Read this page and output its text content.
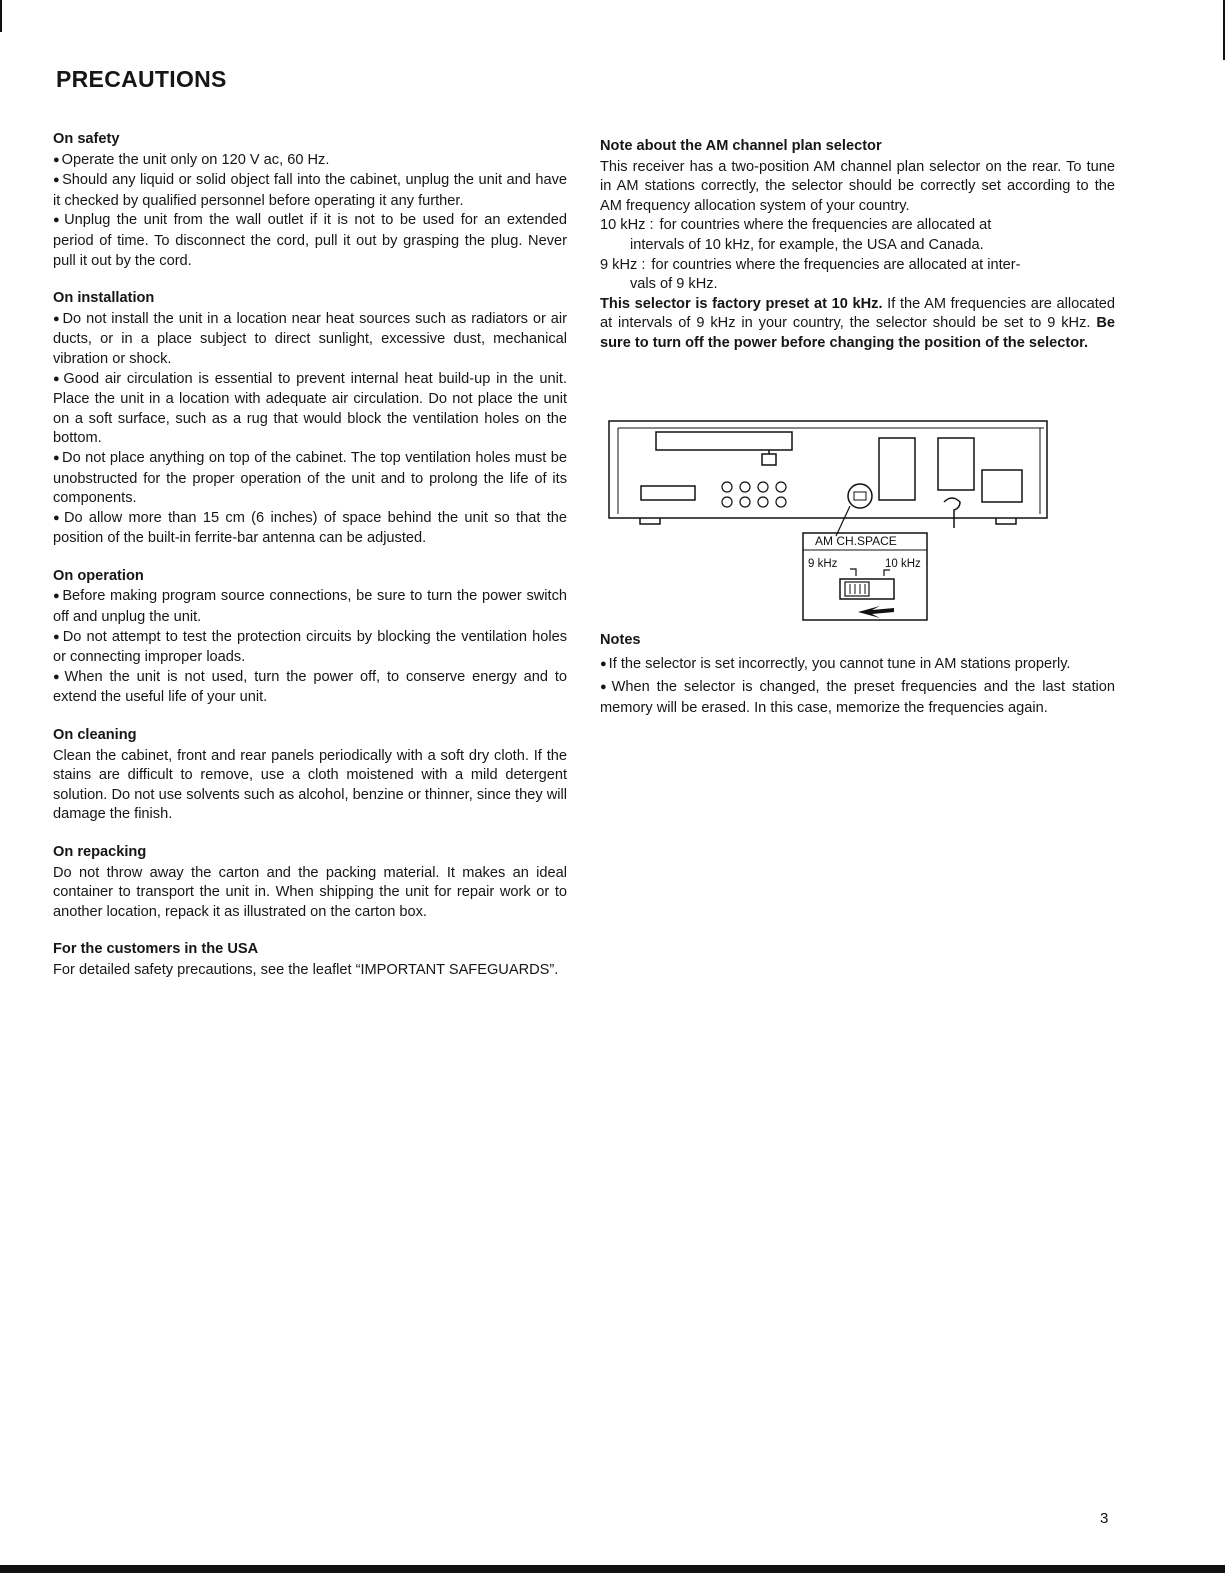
PRECAUTIONS
On safety

● Operate the unit only on 120 V ac, 60 Hz.

● Should any liquid or solid object fall into the cabinet, unplug the unit and have it checked by qualified personnel before operating it any further.

● Unplug the unit from the wall outlet if it is not to be used for an extended period of time. To disconnect the cord, pull it out by grasping the plug. Never pull it out by the cord.

On installation

● Do not install the unit in a location near heat sources such as radiators or air ducts, or in a place subject to direct sunlight, excessive dust, mechanical vibration or shock.

● Good air circulation is essential to prevent internal heat build-up in the unit. Place the unit in a location with adequate air circulation. Do not place the unit on a soft surface, such as a rug that would block the ventilation holes on the bottom.

● Do not place anything on top of the cabinet. The top ventilation holes must be unobstructed for the proper operation of the unit and to prolong the life of its components.

● Do allow more than 15 cm (6 inches) of space behind the unit so that the position of the built-in ferrite-bar antenna can be adjusted.

On operation

● Before making program source connections, be sure to turn the power switch off and unplug the unit.

● Do not attempt to test the protection circuits by blocking the ventilation holes or connecting improper loads.

● When the unit is not used, turn the power off, to conserve energy and to extend the useful life of your unit.

On cleaning

Clean the cabinet, front and rear panels periodically with a soft dry cloth. If the stains are difficult to remove, use a cloth moistened with a mild detergent solution. Do not use solvents such as alcohol, benzine or thinner, since they will damage the finish.

On repacking

Do not throw away the carton and the packing material. It makes an ideal container to transport the unit in. When shipping the unit for repair work or to another location, repack it as illustrated on the carton box.

For the customers in the USA

For detailed safety precautions, see the leaflet “IMPORTANT SAFEGUARDS”.

Note about the AM channel plan selector

This receiver has a two-position AM channel plan selector on the rear. To tune in AM stations correctly, the selector should be correctly set according to the AM frequency allocation system of your country.

10 kHz : for countries where the frequencies are allocated at

intervals of 10 kHz, for example, the USA and Canada.

9 kHz : for countries where the frequencies are allocated at inter-

vals of 9 kHz.

This selector is factory preset at 10 kHz. If the AM frequencies are allocated at intervals of 9 kHz in your country, the selector should be set to 9 kHz. Be sure to turn off the power before changing the position of the selector.

AM CH.SPACE
9 kHz	10 kHz
Notes

● If the selector is set incorrectly, you cannot tune in AM stations properly.

● When the selector is changed, the preset frequencies and the last station memory will be erased. In this case, memorize the frequencies again.

3
